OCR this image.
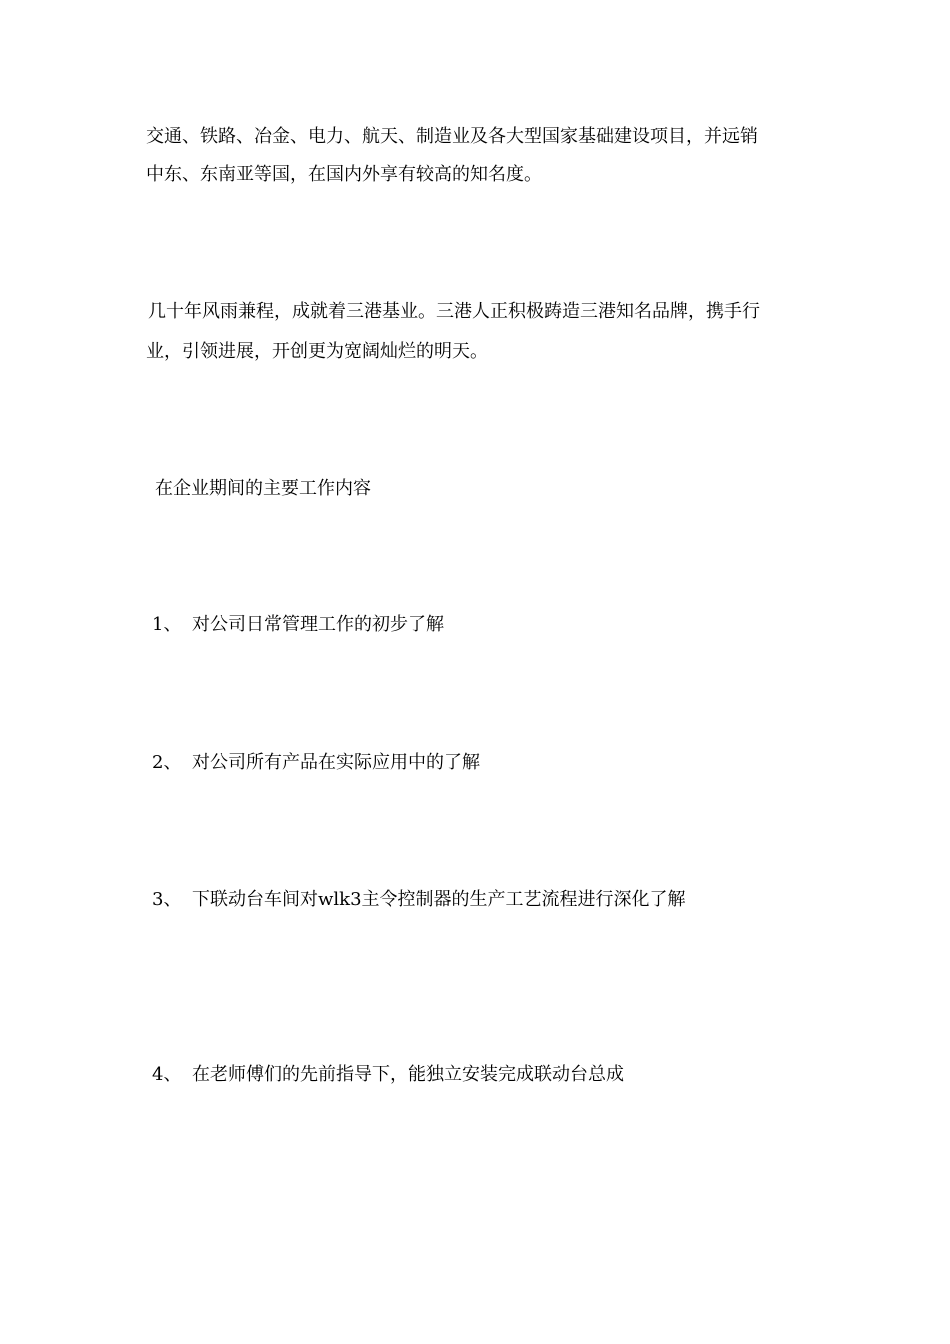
交通、铁路、冶金、电力、航天、制造业及各大型国家基础建设项目，并远销
中东、东南亚等国，在国内外享有较高的知名度。
几十年风雨兼程，成就着三港基业。三港人正积极踌造三港知名品牌，携手行
业，引领进展，开创更为宽阔灿烂的明天。
在企业期间的主要工作内容
1、 对公司日常管理工作的初步了解
2、 对公司所有产品在实际应用中的了解
3、 下联动台车间对wlk3主令控制器的生产工艺流程进行深化了解
4、 在老师傅们的先前指导下，能独立安装完成联动台总成
